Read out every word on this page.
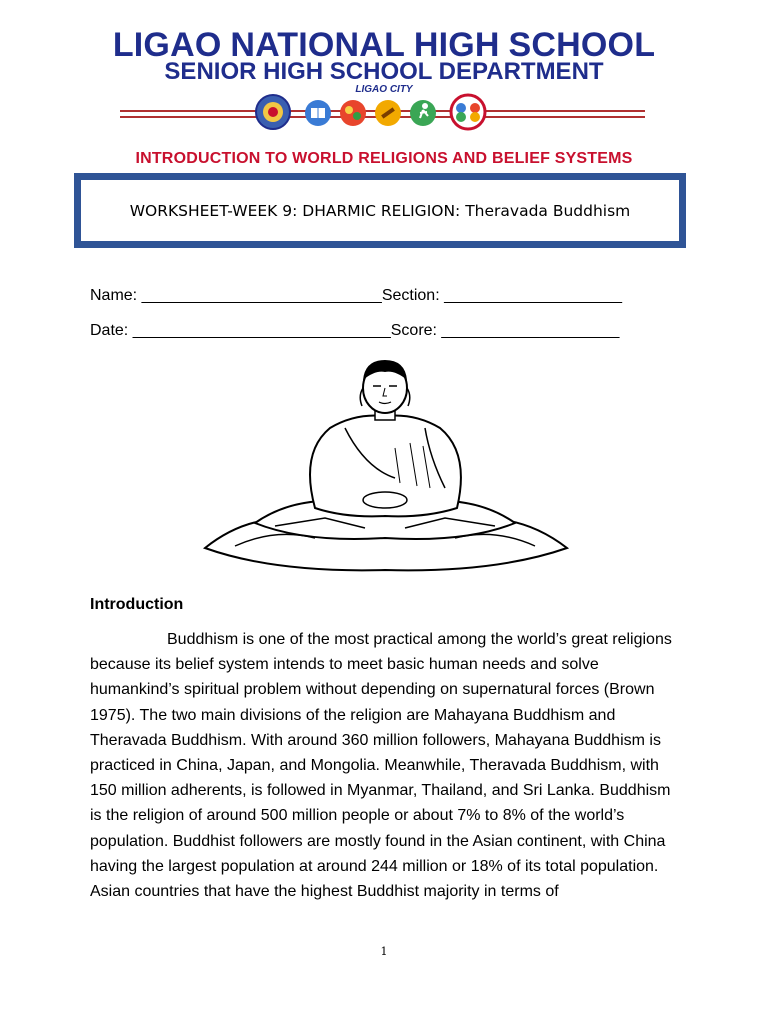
LIGAO NATIONAL HIGH SCHOOL
SENIOR HIGH SCHOOL DEPARTMENT
LIGAO CITY
INTRODUCTION TO WORLD RELIGIONS AND BELIEF SYSTEMS
WORKSHEET-WEEK 9: DHARMIC RELIGION: Theravada Buddhism
Name: ___________________________Section: ____________________
Date: _____________________________Score: ____________________
Introduction

Buddhism is one of the most practical among the world’s great religions because its belief system intends to meet basic human needs and solve humankind’s spiritual problem without depending on supernatural forces (Brown 1975). The two main divisions of the religion are Mahayana Buddhism and Theravada Buddhism. With around 360 million followers, Mahayana Buddhism is practiced in China, Japan, and Mongolia. Meanwhile, Theravada Buddhism, with 150 million adherents, is followed in Myanmar, Thailand, and Sri Lanka. Buddhism is the religion of around 500 million people or about 7% to 8% of the world’s population. Buddhist followers are mostly found in the Asian continent, with China having the largest population at around 244 million or 18% of its total population. Asian countries that have the highest Buddhist majority in terms of

1
